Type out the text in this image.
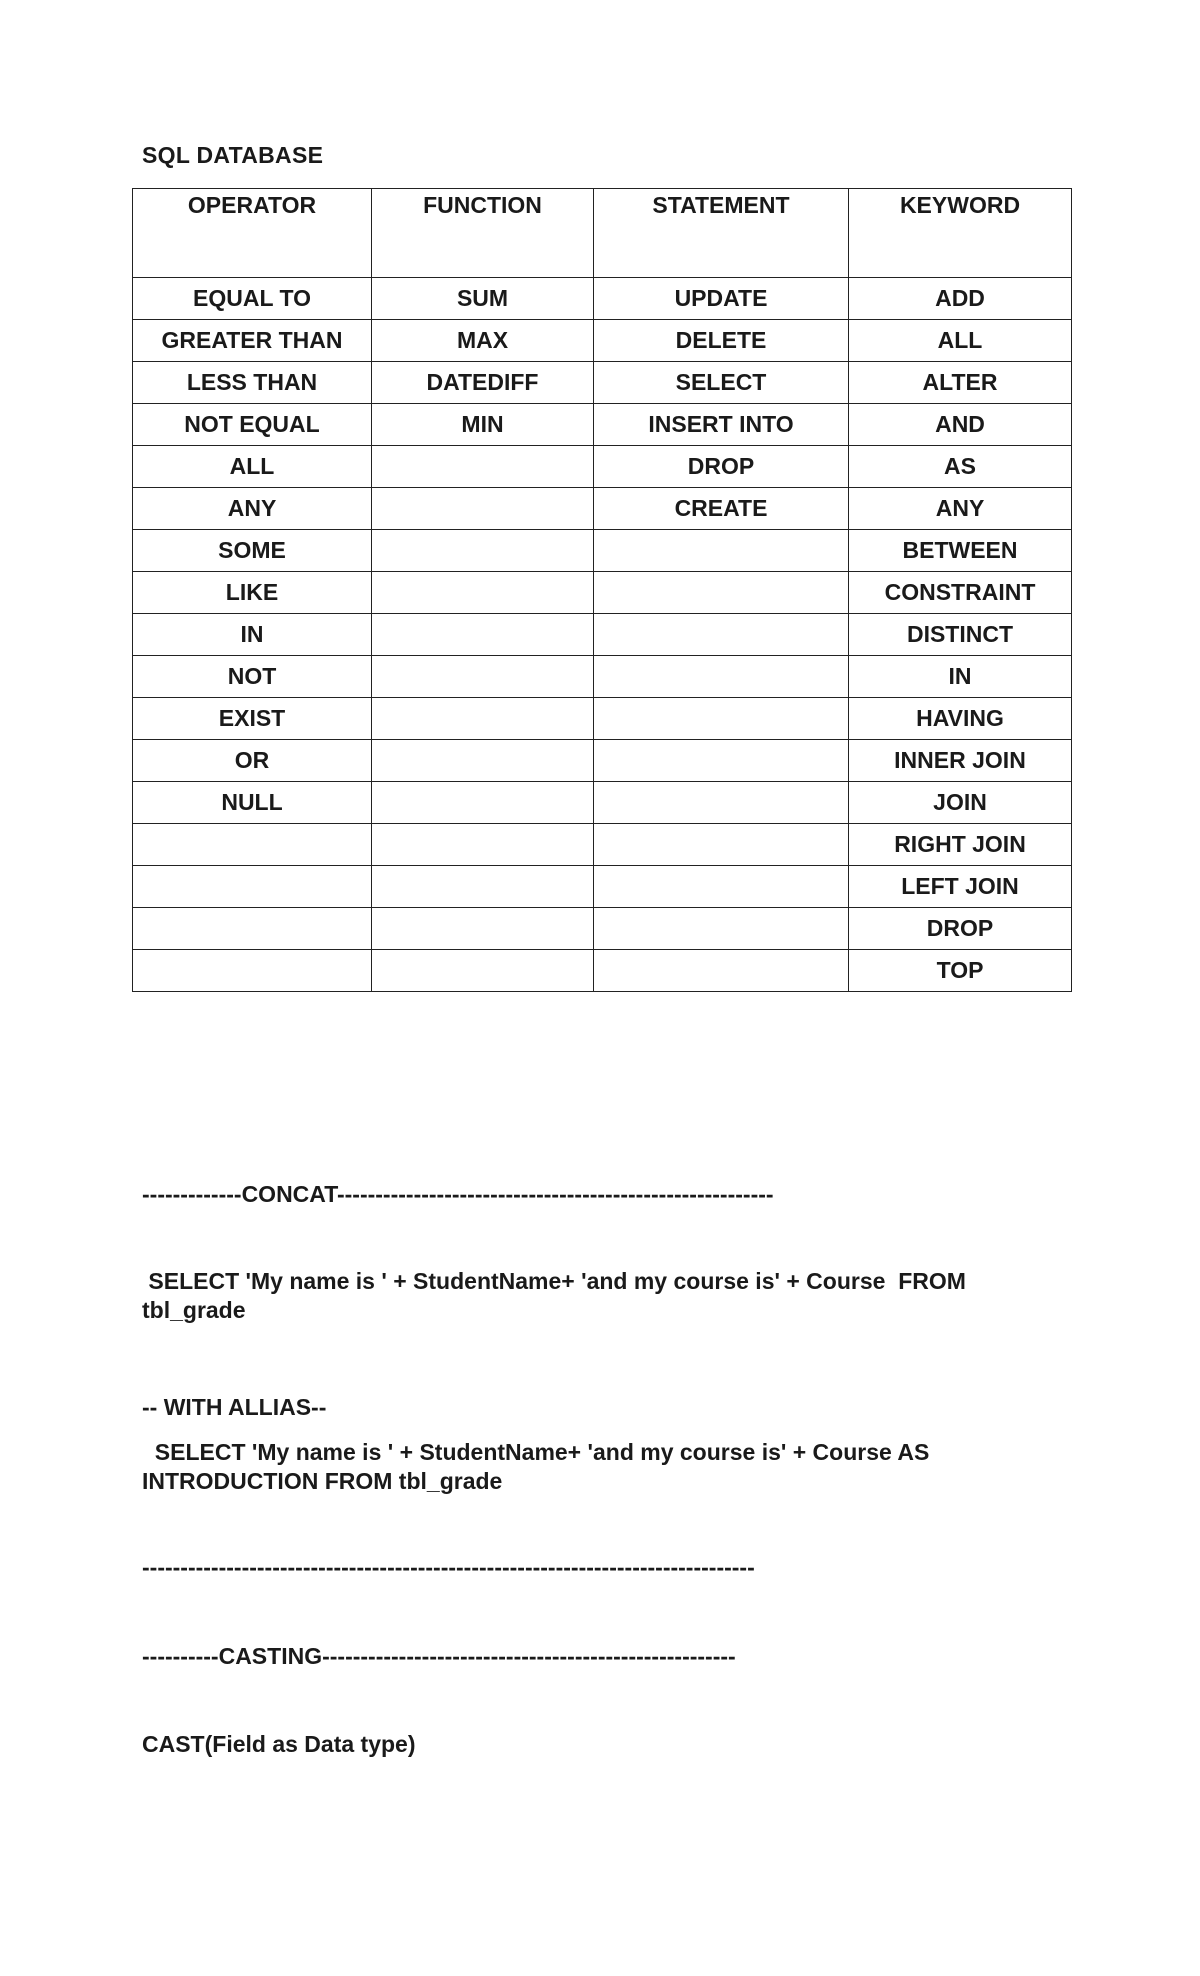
SQL DATABASE
OPERATOR	FUNCTION	STATEMENT	KEYWORD
EQUAL TO	SUM	UPDATE	ADD
GREATER THAN	MAX	DELETE	ALL
LESS THAN	DATEDIFF	SELECT	ALTER
NOT EQUAL	MIN	INSERT INTO	AND
ALL		DROP	AS
ANY		CREATE	ANY
SOME			BETWEEN
LIKE			CONSTRAINT
IN			DISTINCT
NOT			IN
EXIST			HAVING
OR			INNER JOIN
NULL			JOIN
			RIGHT JOIN
			LEFT JOIN
			DROP
			TOP
-------------CONCAT---------------------------------------------------------
SELECT 'My name is ' + StudentName+ 'and my course is' + Course  FROM tbl_grade
-- WITH ALLIAS--
SELECT 'My name is ' + StudentName+ 'and my course is' + Course AS INTRODUCTION FROM tbl_grade
--------------------------------------------------------------------------------
----------CASTING------------------------------------------------------
CAST(Field as Data type)
